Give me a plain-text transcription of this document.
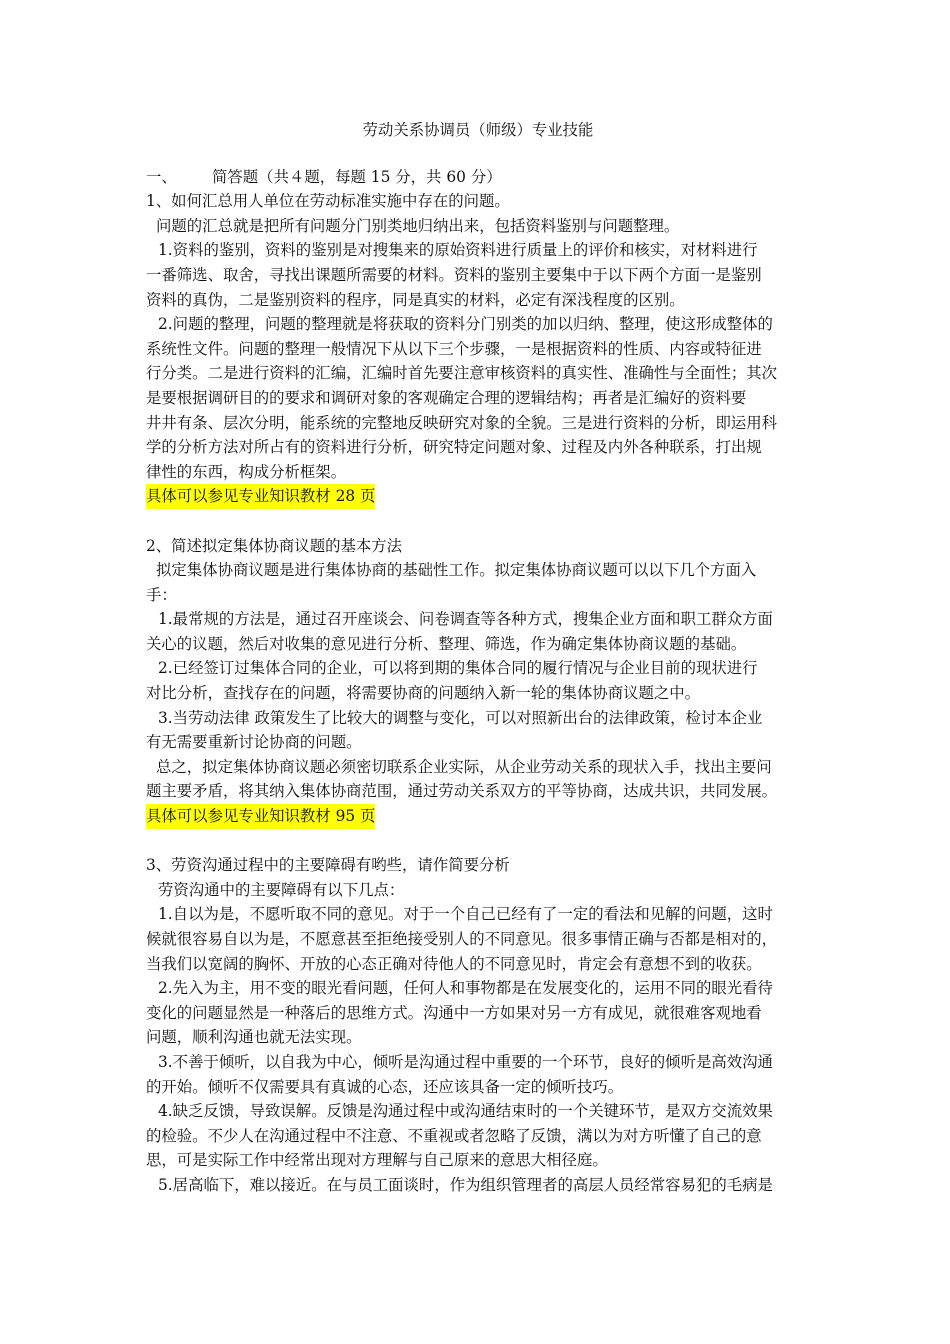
劳动关系协调员（师级）专业技能

一、	简答题（共４题，每题 15 分，共 60 分）
1、如何汇总用人单位在劳动标准实施中存在的问题。
问题的汇总就是把所有问题分门别类地归纳出来，包括资料鉴别与问题整理。
1.资料的鉴别，资料的鉴别是对搜集来的原始资料进行质量上的评价和核实，对材料进行
一番筛选、取舍，寻找出课题所需要的材料。资料的鉴别主要集中于以下两个方面一是鉴别
资料的真伪，二是鉴别资料的程序，同是真实的材料，必定有深浅程度的区别。
2.问题的整理，问题的整理就是将获取的资料分门别类的加以归纳、整理，使这形成整体的
系统性文件。问题的整理一般情况下从以下三个步骤，一是根据资料的性质、内容或特征进
行分类。二是进行资料的汇编，汇编时首先要注意审核资料的真实性、准确性与全面性；其次
是要根据调研目的的要求和调研对象的客观确定合理的逻辑结构；再者是汇编好的资料要
井井有条、层次分明，能系统的完整地反映研究对象的全貌。三是进行资料的分析，即运用科
学的分析方法对所占有的资料进行分析，研究特定问题对象、过程及内外各种联系，打出规
律性的东西，构成分析框架。
具体可以参见专业知识教材 28 页
2、简述拟定集体协商议题的基本方法
拟定集体协商议题是进行集体协商的基础性工作。拟定集体协商议题可以以下几个方面入
手：
1.最常规的方法是，通过召开座谈会、问卷调查等各种方式，搜集企业方面和职工群众方面
关心的议题，然后对收集的意见进行分析、整理、筛选，作为确定集体协商议题的基础。
2.已经签订过集体合同的企业，可以将到期的集体合同的履行情况与企业目前的现状进行
对比分析，查找存在的问题，将需要协商的问题纳入新一轮的集体协商议题之中。
3.当劳动法律 政策发生了比较大的调整与变化，可以对照新出台的法律政策，检讨本企业
有无需要重新讨论协商的问题。
总之，拟定集体协商议题必须密切联系企业实际，从企业劳动关系的现状入手，找出主要问
题主要矛盾，将其纳入集体协商范围，通过劳动关系双方的平等协商，达成共识，共同发展。
具体可以参见专业知识教材 95 页
3、劳资沟通过程中的主要障碍有哟些，请作简要分析
劳资沟通中的主要障碍有以下几点：
1.自以为是，不愿听取不同的意见。对于一个自己已经有了一定的看法和见解的问题，这时
候就很容易自以为是，不愿意甚至拒绝接受别人的不同意见。很多事情正确与否都是相对的，
当我们以宽阔的胸怀、开放的心态正确对待他人的不同意见时，肯定会有意想不到的收获。
2.先入为主，用不变的眼光看问题，任何人和事物都是在发展变化的，运用不同的眼光看待
变化的问题显然是一种落后的思维方式。沟通中一方如果对另一方有成见，就很难客观地看
问题，顺利沟通也就无法实现。
3.不善于倾听，以自我为中心，倾听是沟通过程中重要的一个环节，良好的倾听是高效沟通
的开始。倾听不仅需要具有真诚的心态，还应该具备一定的倾听技巧。
4.缺乏反馈，导致误解。反馈是沟通过程中或沟通结束时的一个关键环节，是双方交流效果
的检验。不少人在沟通过程中不注意、不重视或者忽略了反馈，满以为对方听懂了自己的意
思，可是实际工作中经常出现对方理解与自己原来的意思大相径庭。
5.居高临下，难以接近。在与员工面谈时，作为组织管理者的高层人员经常容易犯的毛病是
